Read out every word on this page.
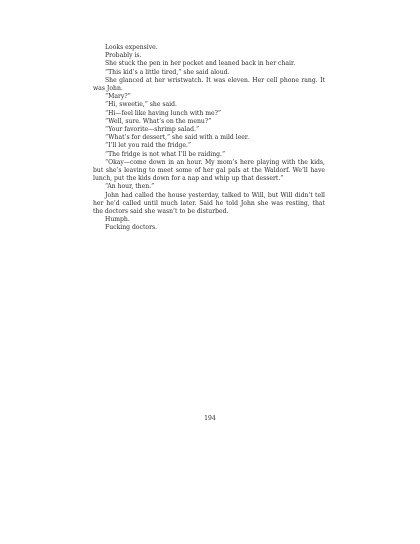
Looks expensive.

Probably is.

She stuck the pen in her pocket and leaned back in her chair.

“This kid’s a little tired,” she said aloud.

She glanced at her wristwatch. It was eleven. Her cell phone rang. It was John.

“Mary?”

“Hi, sweetie,” she said.

“Hi—feel like having lunch with me?”

“Well, sure. What’s on the menu?”

“Your favorite—shrimp salad.”

“What’s for dessert,” she said with a mild leer.

“I’ll let you raid the fridge.”

“The fridge is not what I’ll be raiding.”

“Okay—come down in an hour. My mom’s here playing with the kids, but she’s leaving to meet some of her gal pals at the Waldorf. We’ll have lunch, put the kids down for a nap and whip up that dessert.”

“An hour, then.”

John had called the house yesterday, talked to Will, but Will didn’t tell her he’d called until much later. Said he told John she was resting, that the doctors said she wasn’t to be disturbed.

Humph.

Fucking doctors.

194
